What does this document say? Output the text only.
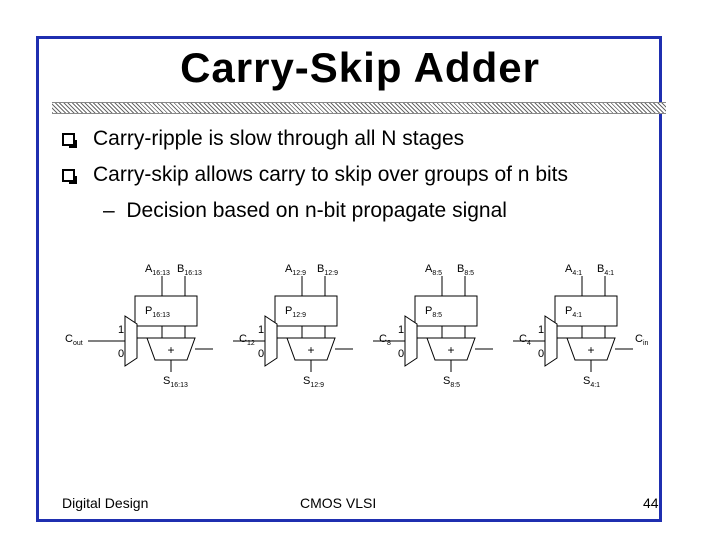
Carry-Skip Adder
Carry-ripple is slow through all N stages
Carry-skip allows carry to skip over groups of n bits
– Decision based on n-bit propagate signal
$A_{16:13}$ $B_{16:13}$
$P_{16:13}$
1
0	+
$S_{16:13}$
$A_{12:9}$ $B_{12:9}$
$P_{12:9}$
1
0	+
$S_{12:9}$
$A_{8:5}$ $B_{8:5}$
$P_{8:5}$
1
0	+
$S_{8:5}$
$A_{4:1}$ $B_{4:1}$
$P_{4:1}$
1
0	+
$S_{4:1}$
$C_{out}$	$C_{12}$	$C_8$	$C_4$	$C_{in}$
Digital Design	CMOS VLSI	44
